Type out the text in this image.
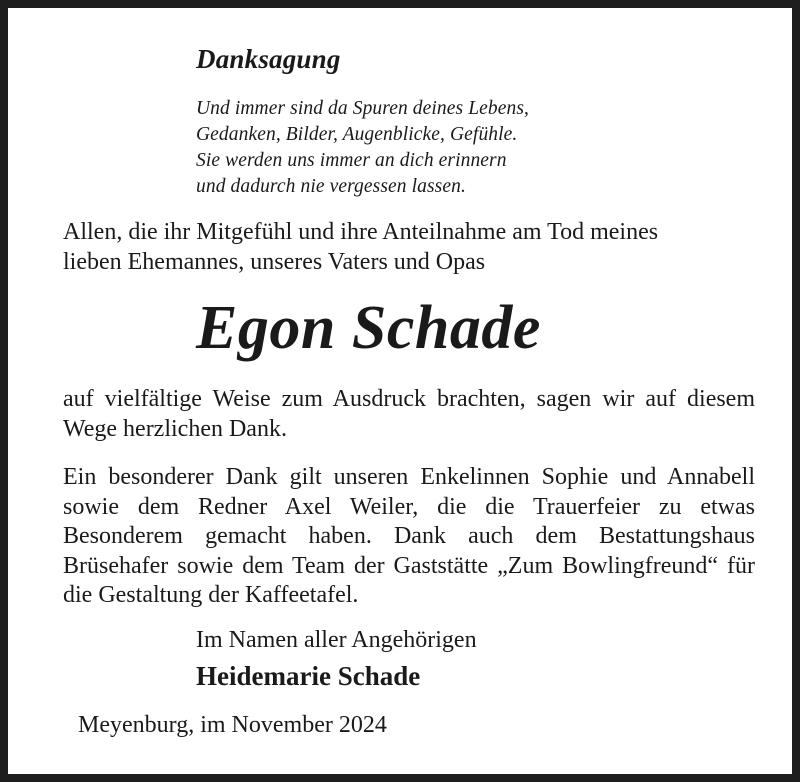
Danksagung

Und immer sind da Spuren deines Lebens,
Gedanken, Bilder, Augenblicke, Gefühle.
Sie werden uns immer an dich erinnern
und dadurch nie vergessen lassen.
Allen, die ihr Mitgefühl und ihre Anteilnahme am Tod meines
lieben Ehemannes, unseres Vaters und Opas

Egon Schade

auf vielfältige Weise zum Ausdruck brachten, sagen wir auf diesem Wege herzlichen Dank.

Ein besonderer Dank gilt unseren Enkelinnen Sophie und Annabell sowie dem Redner Axel Weiler, die die Trauerfeier zu etwas Besonderem gemacht haben. Dank auch dem Bestattungshaus Brüsehafer sowie dem Team der Gaststätte „Zum Bowlingfreund“ für die Gestaltung der Kaffeetafel.

Im Namen aller Angehörigen

Heidemarie Schade

Meyenburg, im November 2024
